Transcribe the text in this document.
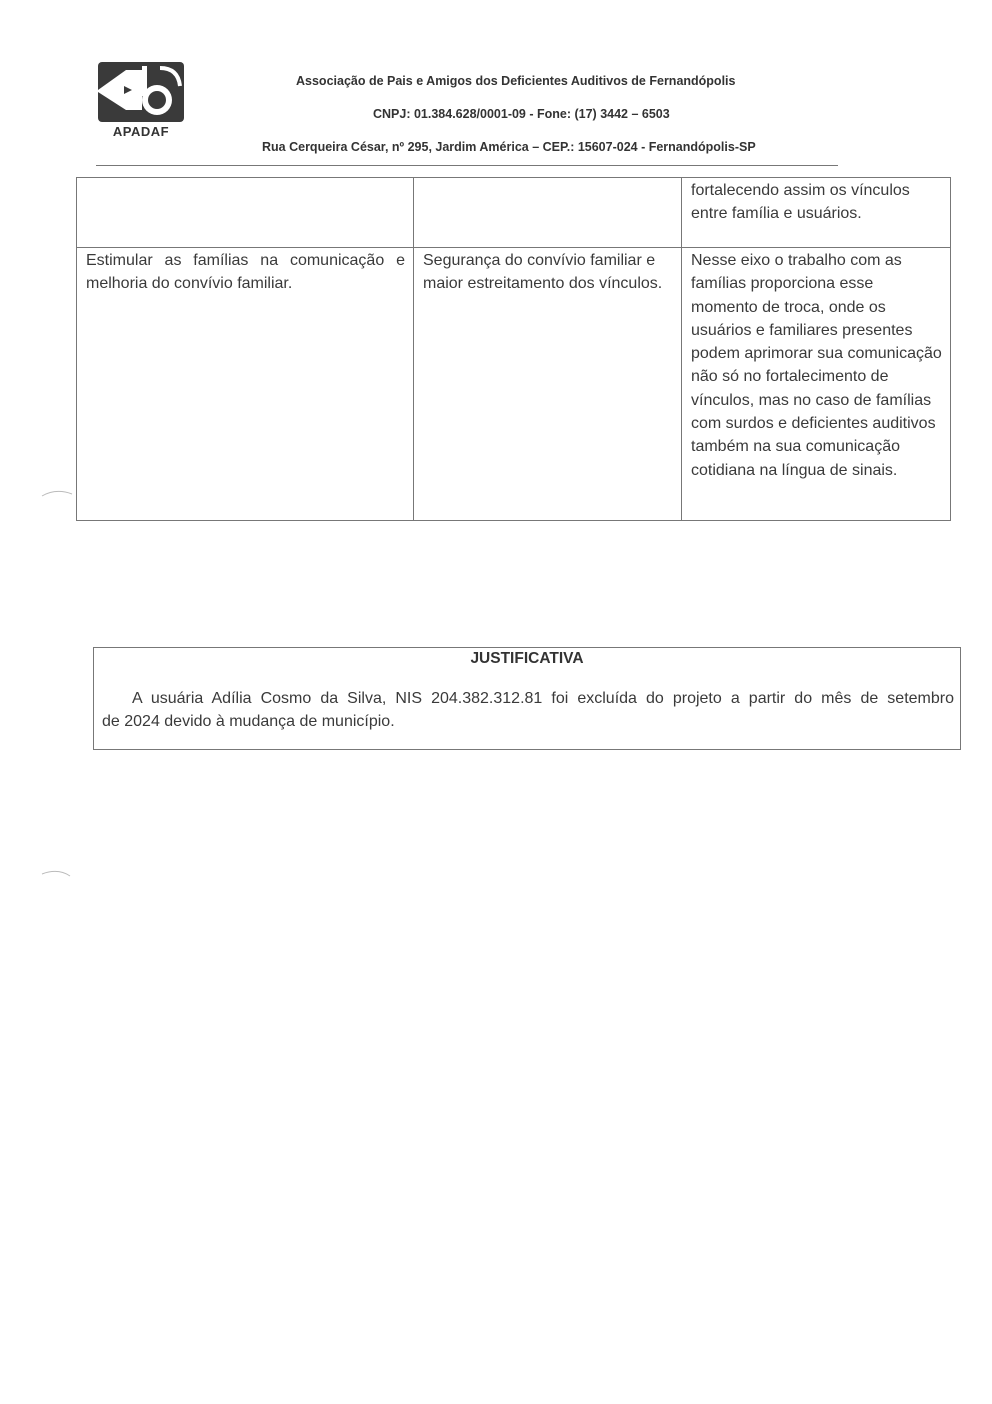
APADAF
Associação de Pais e Amigos dos Deficientes Auditivos de Fernandópolis
CNPJ: 01.384.628/0001-09 - Fone: (17) 3442 – 6503
Rua Cerqueira César, nº 295, Jardim América – CEP.: 15607-024 - Fernandópolis-SP
		fortalecendo assim os vínculos entre família e usuários.

Estimular as famílias na comunicação e
melhoria do convívio familiar.	Segurança do convívio familiar e maior estreitamento dos vínculos.	Nesse eixo o trabalho com as famílias proporciona esse momento de troca, onde os usuários e familiares presentes podem aprimorar sua comunicação não só no fortalecimento de vínculos, mas no caso de famílias com surdos e deficientes auditivos também na sua comunicação cotidiana na língua de sinais.
JUSTIFICATIVA
A usuária Adília Cosmo da Silva, NIS 204.382.312.81 foi excluída do projeto a partir do mês de setembro
de 2024 devido à mudança de município.
